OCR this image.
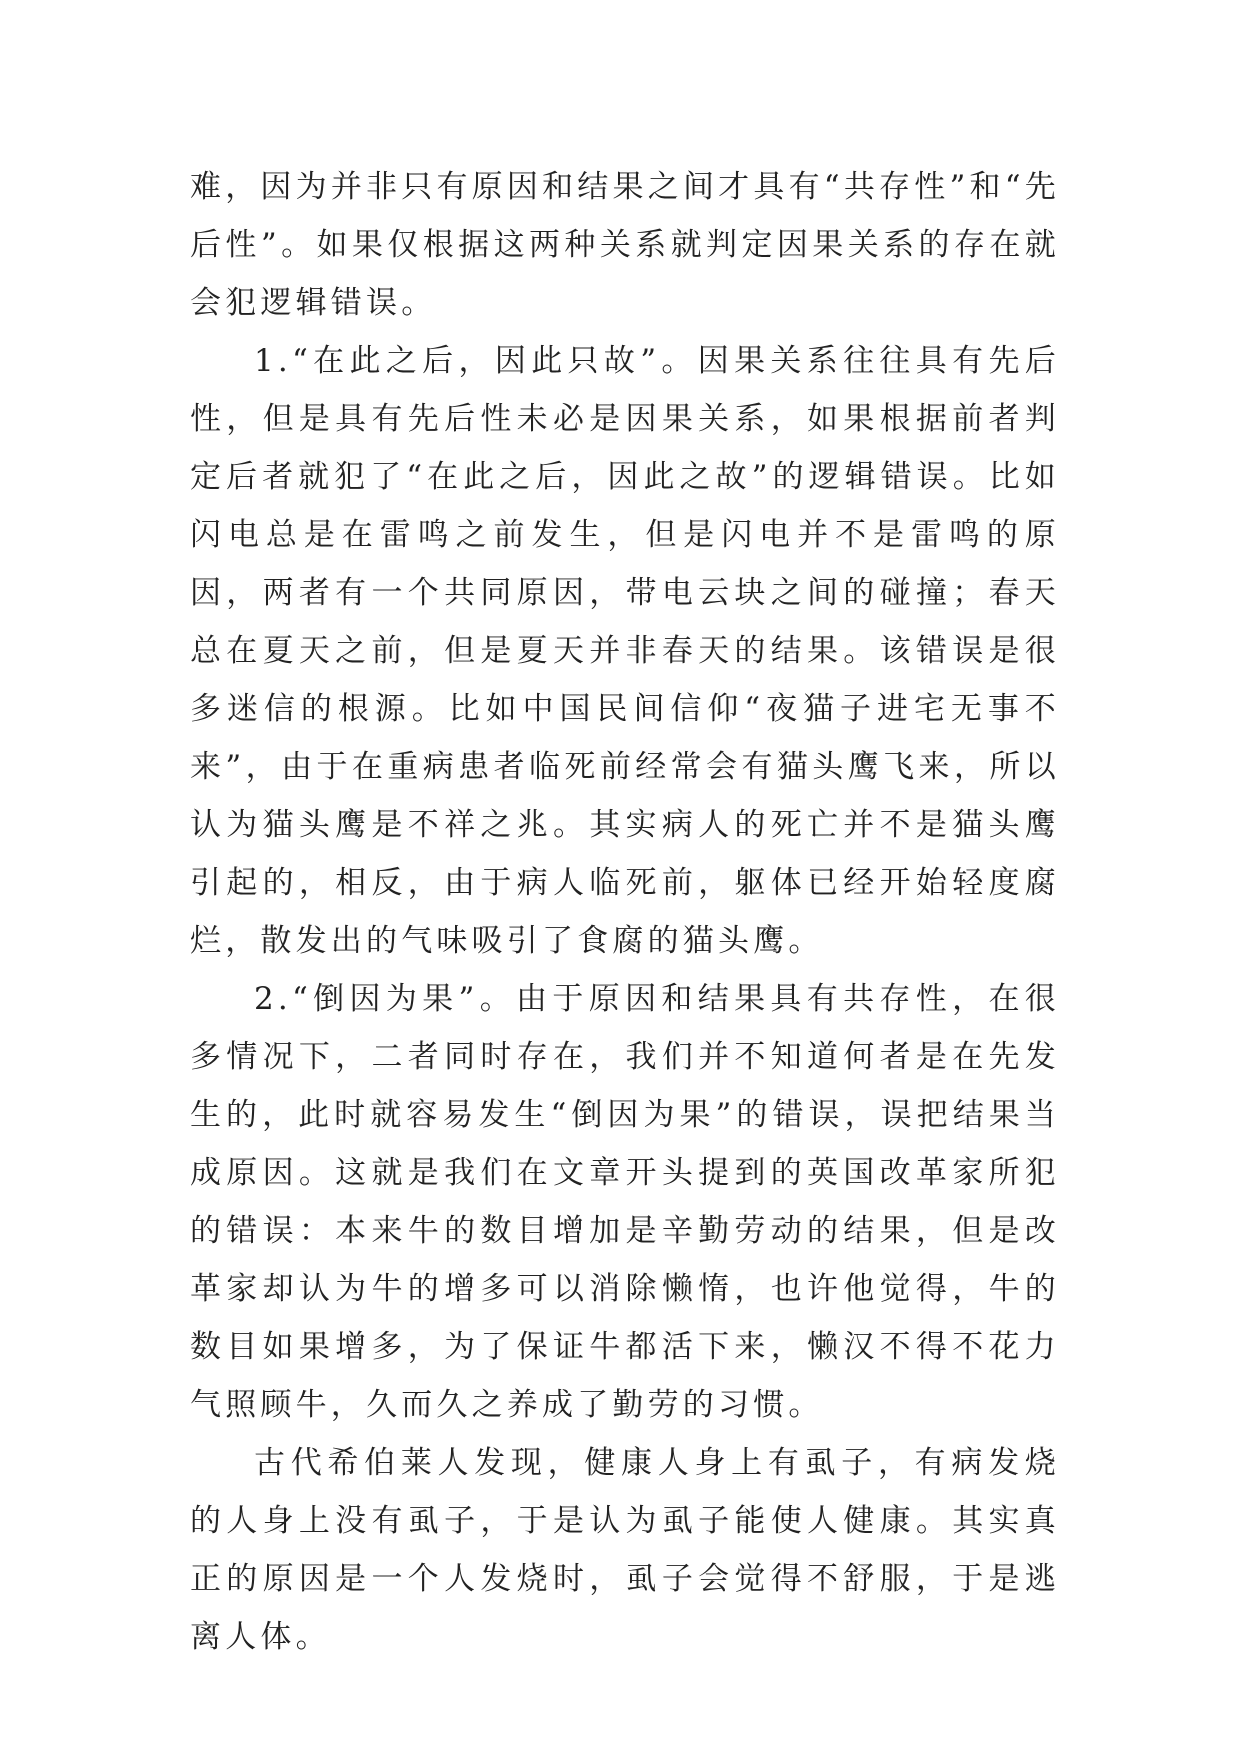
难，因为并非只有原因和结果之间才具有“共存性”和“先后性”。如果仅根据这两种关系就判定因果关系的存在就会犯逻辑错误。

1.“在此之后，因此只故”。因果关系往往具有先后性，但是具有先后性未必是因果关系，如果根据前者判定后者就犯了“在此之后，因此之故”的逻辑错误。比如闪电总是在雷鸣之前发生，但是闪电并不是雷鸣的原因，两者有一个共同原因，带电云块之间的碰撞；春天总在夏天之前，但是夏天并非春天的结果。该错误是很多迷信的根源。比如中国民间信仰“夜猫子进宅无事不来”，由于在重病患者临死前经常会有猫头鹰飞来，所以认为猫头鹰是不祥之兆。其实病人的死亡并不是猫头鹰引起的，相反，由于病人临死前，躯体已经开始轻度腐烂，散发出的气味吸引了食腐的猫头鹰。

2.“倒因为果”。由于原因和结果具有共存性，在很多情况下，二者同时存在，我们并不知道何者是在先发生的，此时就容易发生“倒因为果”的错误，误把结果当成原因。这就是我们在文章开头提到的英国改革家所犯的错误：本来牛的数目增加是辛勤劳动的结果，但是改革家却认为牛的增多可以消除懒惰，也许他觉得，牛的数目如果增多，为了保证牛都活下来，懒汉不得不花力气照顾牛，久而久之养成了勤劳的习惯。

古代希伯莱人发现，健康人身上有虱子，有病发烧的人身上没有虱子，于是认为虱子能使人健康。其实真正的原因是一个人发烧时，虱子会觉得不舒服，于是逃离人体。
